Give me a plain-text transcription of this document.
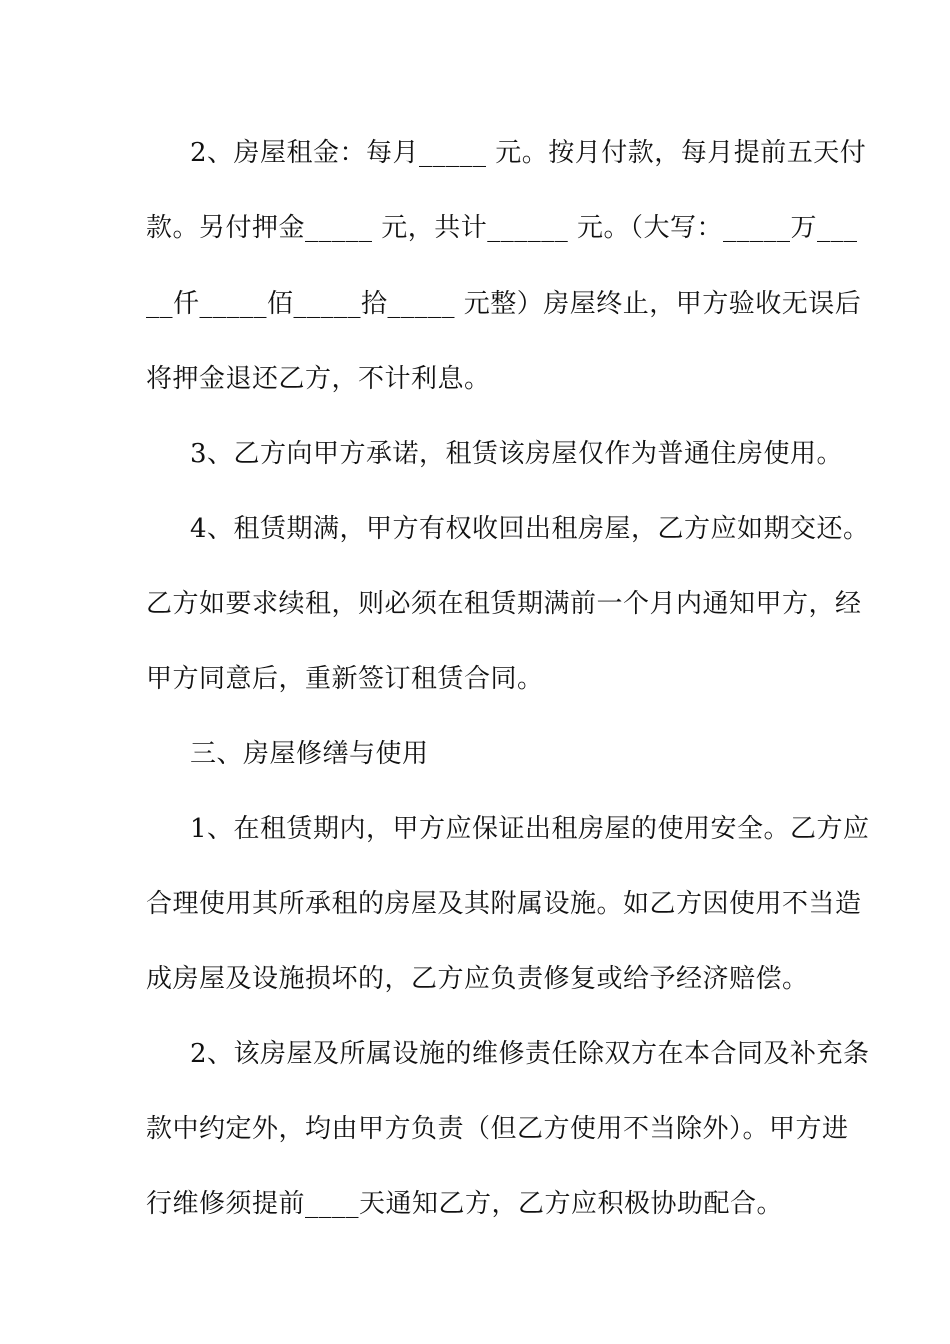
2、房屋租金：每月_____ 元。按月付款，每月提前五天付

款。另付押金_____ 元，共计______ 元。（大写：_____万___

__仟_____佰_____拾_____ 元整）房屋终止，甲方验收无误后

将押金退还乙方，不计利息。

3、乙方向甲方承诺，租赁该房屋仅作为普通住房使用。

4、租赁期满，甲方有权收回出租房屋，乙方应如期交还。

乙方如要求续租，则必须在租赁期满前一个月内通知甲方，经

甲方同意后，重新签订租赁合同。

三、房屋修缮与使用

1、在租赁期内，甲方应保证出租房屋的使用安全。乙方应

合理使用其所承租的房屋及其附属设施。如乙方因使用不当造

成房屋及设施损坏的，乙方应负责修复或给予经济赔偿。

2、该房屋及所属设施的维修责任除双方在本合同及补充条

款中约定外，均由甲方负责（但乙方使用不当除外）。甲方进

行维修须提前____天通知乙方，乙方应积极协助配合。
